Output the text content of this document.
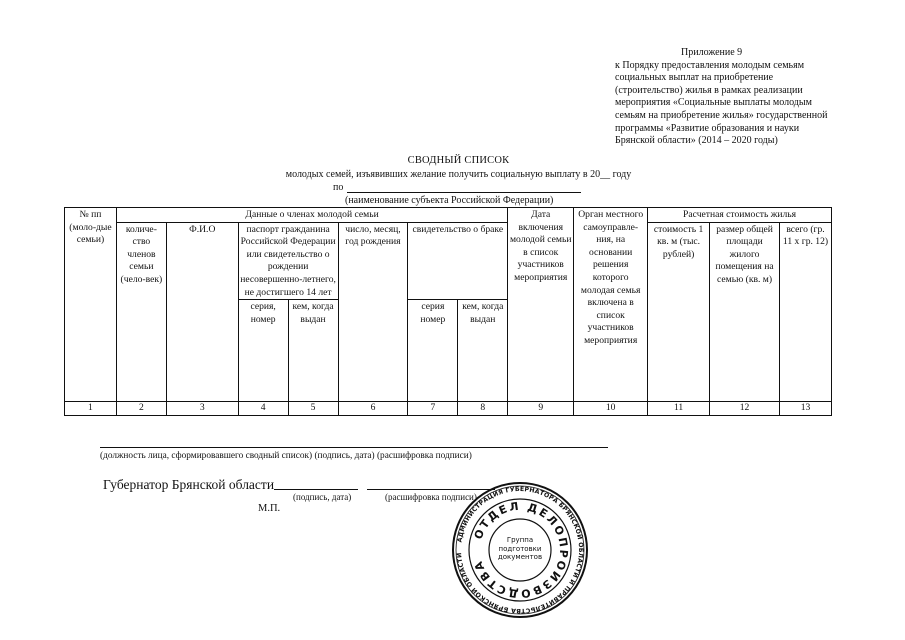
Приложение 9
к Порядку предоставления молодым семьям
социальных выплат на приобретение
(строительство) жилья в рамках реализации
мероприятия «Социальные выплаты молодым
семьям на приобретение жилья» государственной
программы «Развитие образования и науки
Брянской области» (2014 – 2020 годы)
СВОДНЫЙ СПИСОК
молодых семей, изъявивших желание получить социальную выплату в 20__ году
по
(наименование субъекта Российской Федерации)
№ пп (моло-дые семьи)	Данные о членах молодой семьи							Дата включения молодой семьи в список участников мероприятия	Орган местного самоуправле-ния, на основании решения которого молодая семья включена в список участников мероприятия	Расчетная стоимость жилья		
	количе-ство членов семьи (чело-век)	Ф.И.О	паспорт гражданина Российской Федерации или свидетельство о рождении несовершенно-летнего, не достигшего 14 лет		число, месяц, год рождения	свидетельство о браке				стоимость 1 кв. м (тыс. рублей)	размер общей площади жилого помещения на семью (кв. м)	всего (гр. 11 х гр. 12)
			серия, номер	кем, когда выдан								
						серия номер	кем, когда выдан					
1	2	3	4	5	6	7	8	9	10	11	12	13
(должность лица, сформировавшего сводный список) (подпись, дата) (расшифровка подписи)
Губернатор Брянской области
(подпись, дата)	(расшифровка подписи)
М.П.
АДМИНИСТРАЦИЯ ГУБЕРНАТОРА БРЯНСКОЙ ОБЛАСТИ И ПРАВИТЕЛЬСТВА БРЯНСКОЙ ОБЛАСТИ
ОТДЕЛ ДЕЛОПРОИЗВОДСТВА
Группа подготовки документов
